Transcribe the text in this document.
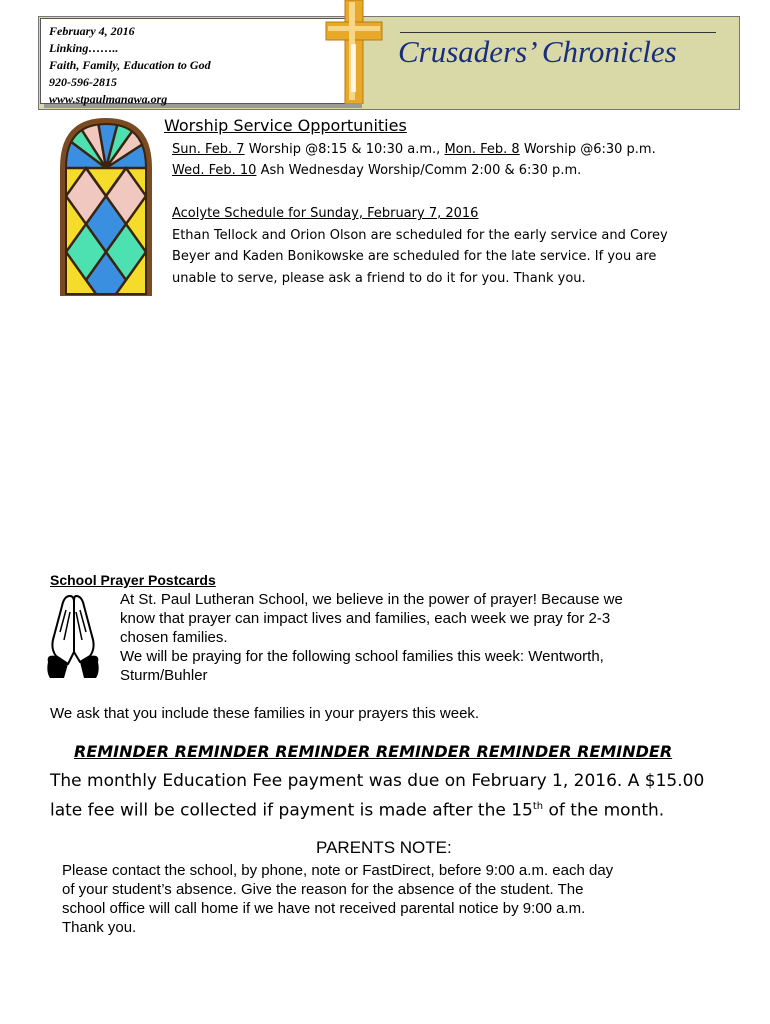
February 4, 2016
Linking……..
Faith, Family, Education to God
920-596-2815
www.stpaulmanawa.org
Crusaders’ Chronicles
Worship Service Opportunities
Sun. Feb. 7 Worship @8:15 & 10:30 a.m., Mon. Feb. 8 Worship @6:30 p.m.
Wed. Feb. 10 Ash Wednesday Worship/Comm 2:00 & 6:30 p.m.
Acolyte Schedule for Sunday, February 7, 2016
Ethan Tellock and Orion Olson are scheduled for the early service and Corey
Beyer and Kaden Bonikowske are scheduled for the late service. If you are
unable to serve, please ask a friend to do it for you. Thank you.
School Prayer Postcards
At St. Paul Lutheran School, we believe in the power of prayer! Because we
know that prayer can impact lives and families, each week we pray for 2-3
chosen families.
We will be praying for the following school families this week: Wentworth,
Sturm/Buhler
We ask that you include these families in your prayers this week.
REMINDER REMINDER REMINDER REMINDER REMINDER REMINDER
The monthly Education Fee payment was due on February 1, 2016. A $15.00 late fee will be collected if payment is made after the 15th of the month.
PARENTS NOTE:
Please contact the school, by phone, note or FastDirect, before 9:00 a.m. each day
of your student’s absence. Give the reason for the absence of the student. The
school office will call home if we have not received parental notice by 9:00 a.m.
Thank you.
